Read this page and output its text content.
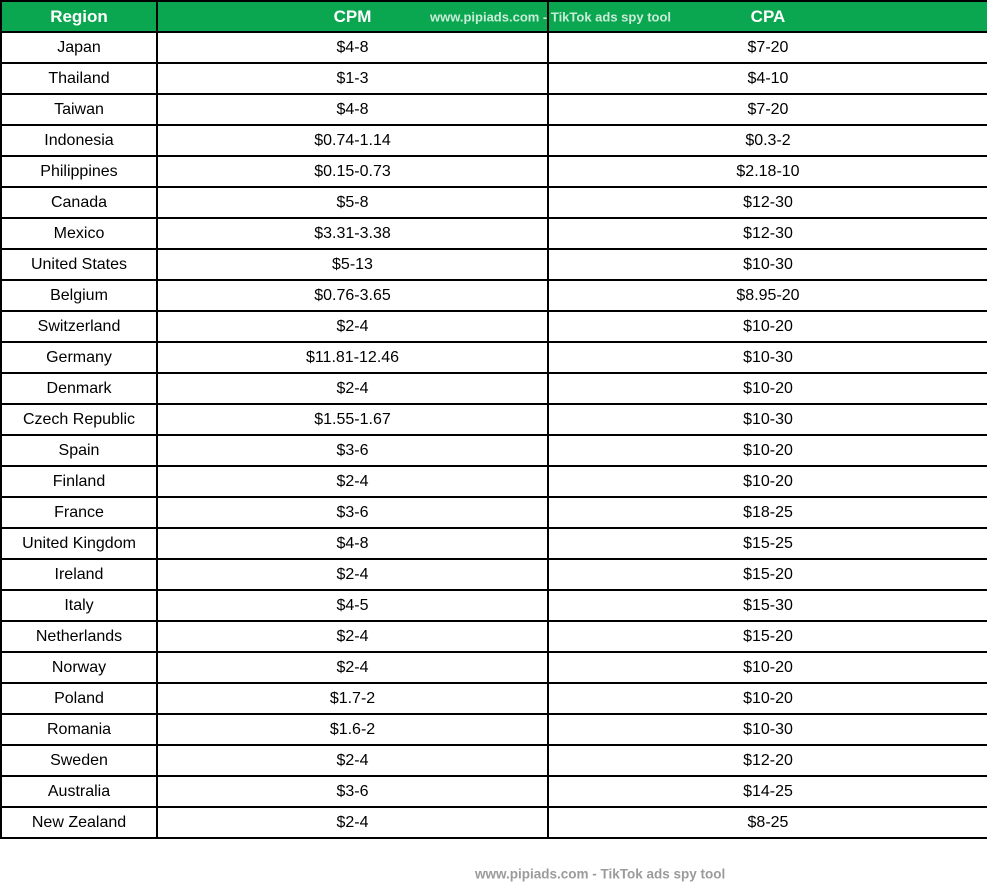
Region	CPM	CPA
Japan	$4-8	$7-20
Thailand	$1-3	$4-10
Taiwan	$4-8	$7-20
Indonesia	$0.74-1.14	$0.3-2
Philippines	$0.15-0.73	$2.18-10
Canada	$5-8	$12-30
Mexico	$3.31-3.38	$12-30
United States	$5-13	$10-30
Belgium	$0.76-3.65	$8.95-20
Switzerland	$2-4	$10-20
Germany	$11.81-12.46	$10-30
Denmark	$2-4	$10-20
Czech Republic	$1.55-1.67	$10-30
Spain	$3-6	$10-20
Finland	$2-4	$10-20
France	$3-6	$18-25
United Kingdom	$4-8	$15-25
Ireland	$2-4	$15-20
Italy	$4-5	$15-30
Netherlands	$2-4	$15-20
Norway	$2-4	$10-20
Poland	$1.7-2	$10-20
Romania	$1.6-2	$10-30
Sweden	$2-4	$12-20
Australia	$3-6	$14-25
New Zealand	$2-4	$8-25
www.pipiads.com - TikTok ads spy tool
www.pipiads.com - TikTok ads spy tool
